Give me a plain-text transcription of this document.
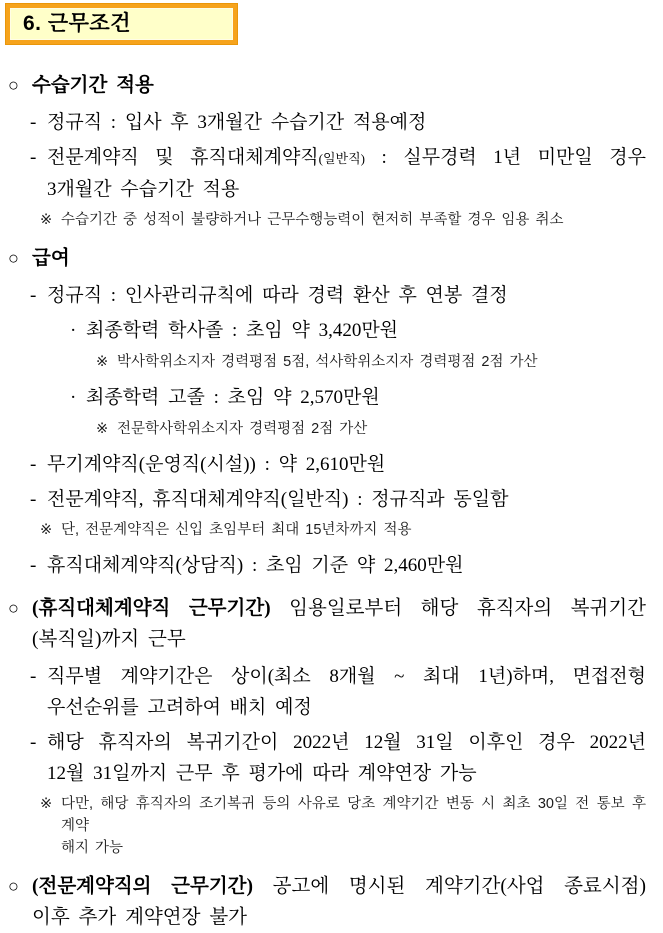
6. 근무조건
○ 수습기간 적용
- 정규직 : 입사 후 3개월간 수습기간 적용예정
- 전문계약직 및 휴직대체계약직(일반직) : 실무경력 1년 미만일 경우
3개월간 수습기간 적용
※ 수습기간 중 성적이 불량하거나 근무수행능력이 현저히 부족할 경우 임용 취소
○ 급여
- 정규직 : 인사관리규칙에 따라 경력 환산 후 연봉 결정
· 최종학력 학사졸 : 초임 약 3,420만원
※ 박사학위소지자 경력평점 5점, 석사학위소지자 경력평점 2점 가산
· 최종학력 고졸 : 초임 약 2,570만원
※ 전문학사학위소지자 경력평점 2점 가산
- 무기계약직(운영직(시설)) : 약 2,610만원
- 전문계약직, 휴직대체계약직(일반직) : 정규직과 동일함
※ 단, 전문계약직은 신입 초임부터 최대 15년차까지 적용
- 휴직대체계약직(상담직) : 초임 기준 약 2,460만원
○ (휴직대체계약직 근무기간) 임용일로부터 해당 휴직자의 복귀기간
(복직일)까지 근무
- 직무별 계약기간은 상이(최소 8개월 ~ 최대 1년)하며, 면접전형
우선순위를 고려하여 배치 예정
- 해당 휴직자의 복귀기간이 2022년 12월 31일 이후인 경우 2022년
12월 31일까지 근무 후 평가에 따라 계약연장 가능
※ 다만, 해당 휴직자의 조기복귀 등의 사유로 당초 계약기간 변동 시 최초 30일 전 통보 후 계약
해지 가능
○ (전문계약직의 근무기간) 공고에 명시된 계약기간(사업 종료시점)
이후 추가 계약연장 불가
